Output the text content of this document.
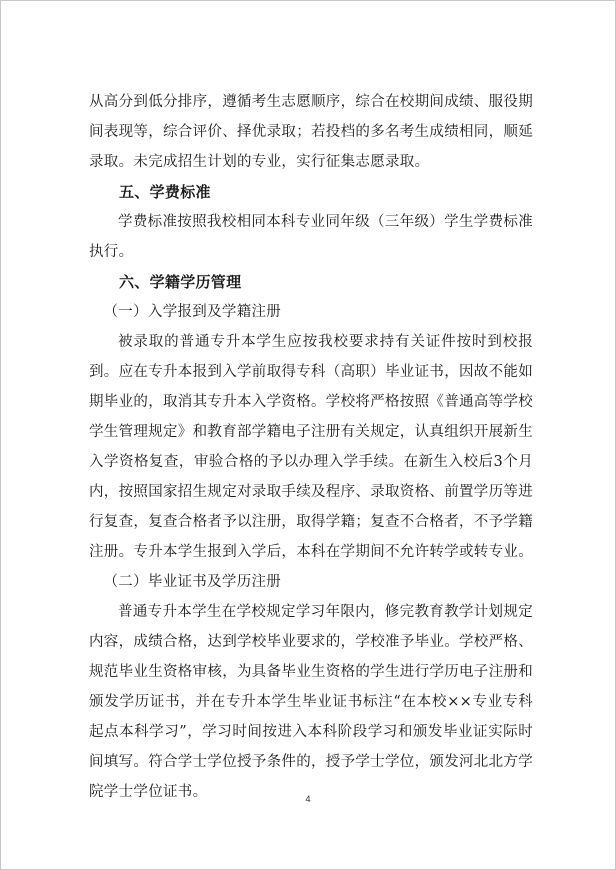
从高分到低分排序，遵循考生志愿顺序，综合在校期间成绩、服役期间表现等，综合评价、择优录取；若投档的多名考生成绩相同，顺延录取。未完成招生计划的专业，实行征集志愿录取。

五、学费标准

学费标准按照我校相同本科专业同年级（三年级）学生学费标准执行。

六、学籍学历管理

（一）入学报到及学籍注册

被录取的普通专升本学生应按我校要求持有关证件按时到校报到。应在专升本报到入学前取得专科（高职）毕业证书，因故不能如期毕业的，取消其专升本入学资格。学校将严格按照《普通高等学校学生管理规定》和教育部学籍电子注册有关规定，认真组织开展新生入学资格复查，审验合格的予以办理入学手续。在新生入校后3个月内，按照国家招生规定对录取手续及程序、录取资格、前置学历等进行复查，复查合格者予以注册，取得学籍；复查不合格者，不予学籍注册。专升本学生报到入学后，本科在学期间不允许转学或转专业。

（二）毕业证书及学历注册

普通专升本学生在学校规定学习年限内，修完教育教学计划规定内容，成绩合格，达到学校毕业要求的，学校准予毕业。学校严格、规范毕业生资格审核，为具备毕业生资格的学生进行学历电子注册和颁发学历证书，并在专升本学生毕业证书标注“在本校××专业专科起点本科学习”，学习时间按进入本科阶段学习和颁发毕业证实际时间填写。符合学士学位授予条件的，授予学士学位，颁发河北北方学院学士学位证书。	4
